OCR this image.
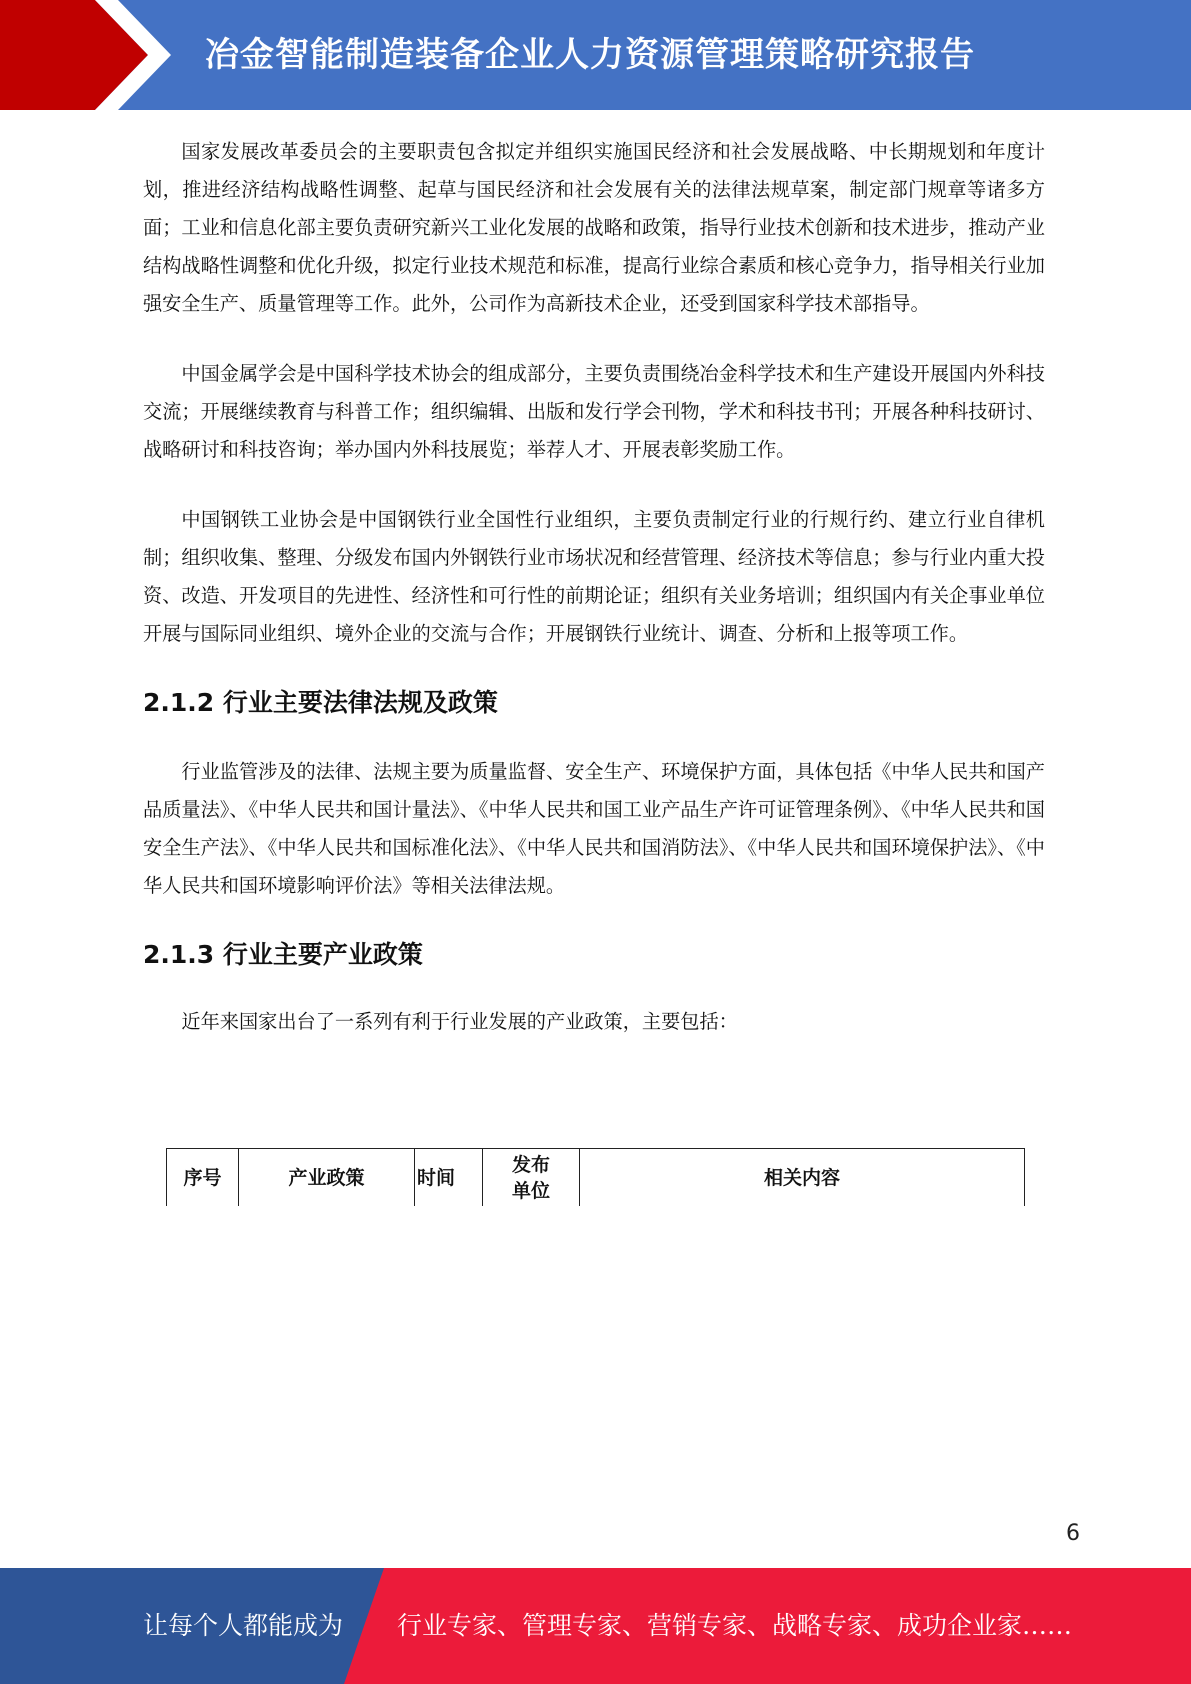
冶金智能制造装备企业人力资源管理策略研究报告

国家发展改革委员会的主要职责包含拟定并组织实施国民经济和社会发展战略、中长期规划和年度计划，推进经济结构战略性调整、起草与国民经济和社会发展有关的法律法规草案，制定部门规章等诸多方面；工业和信息化部主要负责研究新兴工业化发展的战略和政策，指导行业技术创新和技术进步，推动产业结构战略性调整和优化升级，拟定行业技术规范和标准，提高行业综合素质和核心竞争力，指导相关行业加强安全生产、质量管理等工作。此外，公司作为高新技术企业，还受到国家科学技术部指导。

中国金属学会是中国科学技术协会的组成部分，主要负责围绕冶金科学技术和生产建设开展国内外科技交流；开展继续教育与科普工作；组织编辑、出版和发行学会刊物，学术和科技书刊；开展各种科技研讨、战略研讨和科技咨询；举办国内外科技展览；举荐人才、开展表彰奖励工作。

中国钢铁工业协会是中国钢铁行业全国性行业组织，主要负责制定行业的行规行约、建立行业自律机制；组织收集、整理、分级发布国内外钢铁行业市场状况和经营管理、经济技术等信息；参与行业内重大投资、改造、开发项目的先进性、经济性和可行性的前期论证；组织有关业务培训；组织国内有关企事业单位开展与国际同业组织、境外企业的交流与合作；开展钢铁行业统计、调查、分析和上报等项工作。

2.1.2 行业主要法律法规及政策

行业监管涉及的法律、法规主要为质量监督、安全生产、环境保护方面，具体包括《中华人民共和国产品质量法》、《中华人民共和国计量法》、《中华人民共和国工业产品生产许可证管理条例》、《中华人民共和国安全生产法》、《中华人民共和国标准化法》、《中华人民共和国消防法》、《中华人民共和国环境保护法》、《中华人民共和国环境影响评价法》等相关法律法规。

2.1.3 行业主要产业政策

近年来国家出台了一系列有利于行业发展的产业政策，主要包括：

序号	产业政策	时间	发布单位	相关内容
6
让每个人都能成为 行业专家、管理专家、营销专家、战略专家、成功企业家……
